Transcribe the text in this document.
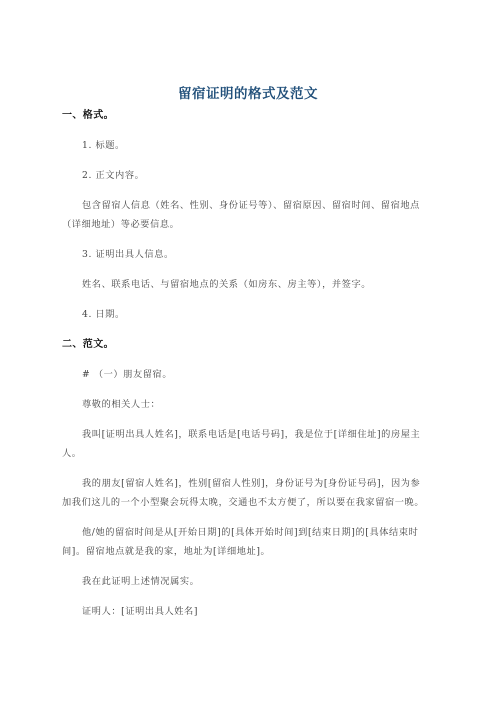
留宿证明的格式及范文
一、格式。
1. 标题。
2. 正文内容。
包含留宿人信息（姓名、性别、身份证号等）、留宿原因、留宿时间、留宿地点
（详细地址）等必要信息。
3. 证明出具人信息。
姓名、联系电话、与留宿地点的关系（如房东、房主等），并签字。
4. 日期。
二、范文。
# （一）朋友留宿。
尊敬的相关人士：
我叫[证明出具人姓名]，联系电话是[电话号码]，我是位于[详细住址]的房屋主
人。
我的朋友[留宿人姓名]，性别[留宿人性别]，身份证号为[身份证号码]，因为参
加我们这儿的一个小型聚会玩得太晚，交通也不太方便了，所以要在我家留宿一晚。
他/她的留宿时间是从[开始日期]的[具体开始时间]到[结束日期]的[具体结束时
间]。留宿地点就是我的家，地址为[详细地址]。
我在此证明上述情况属实。
证明人：[证明出具人姓名]
